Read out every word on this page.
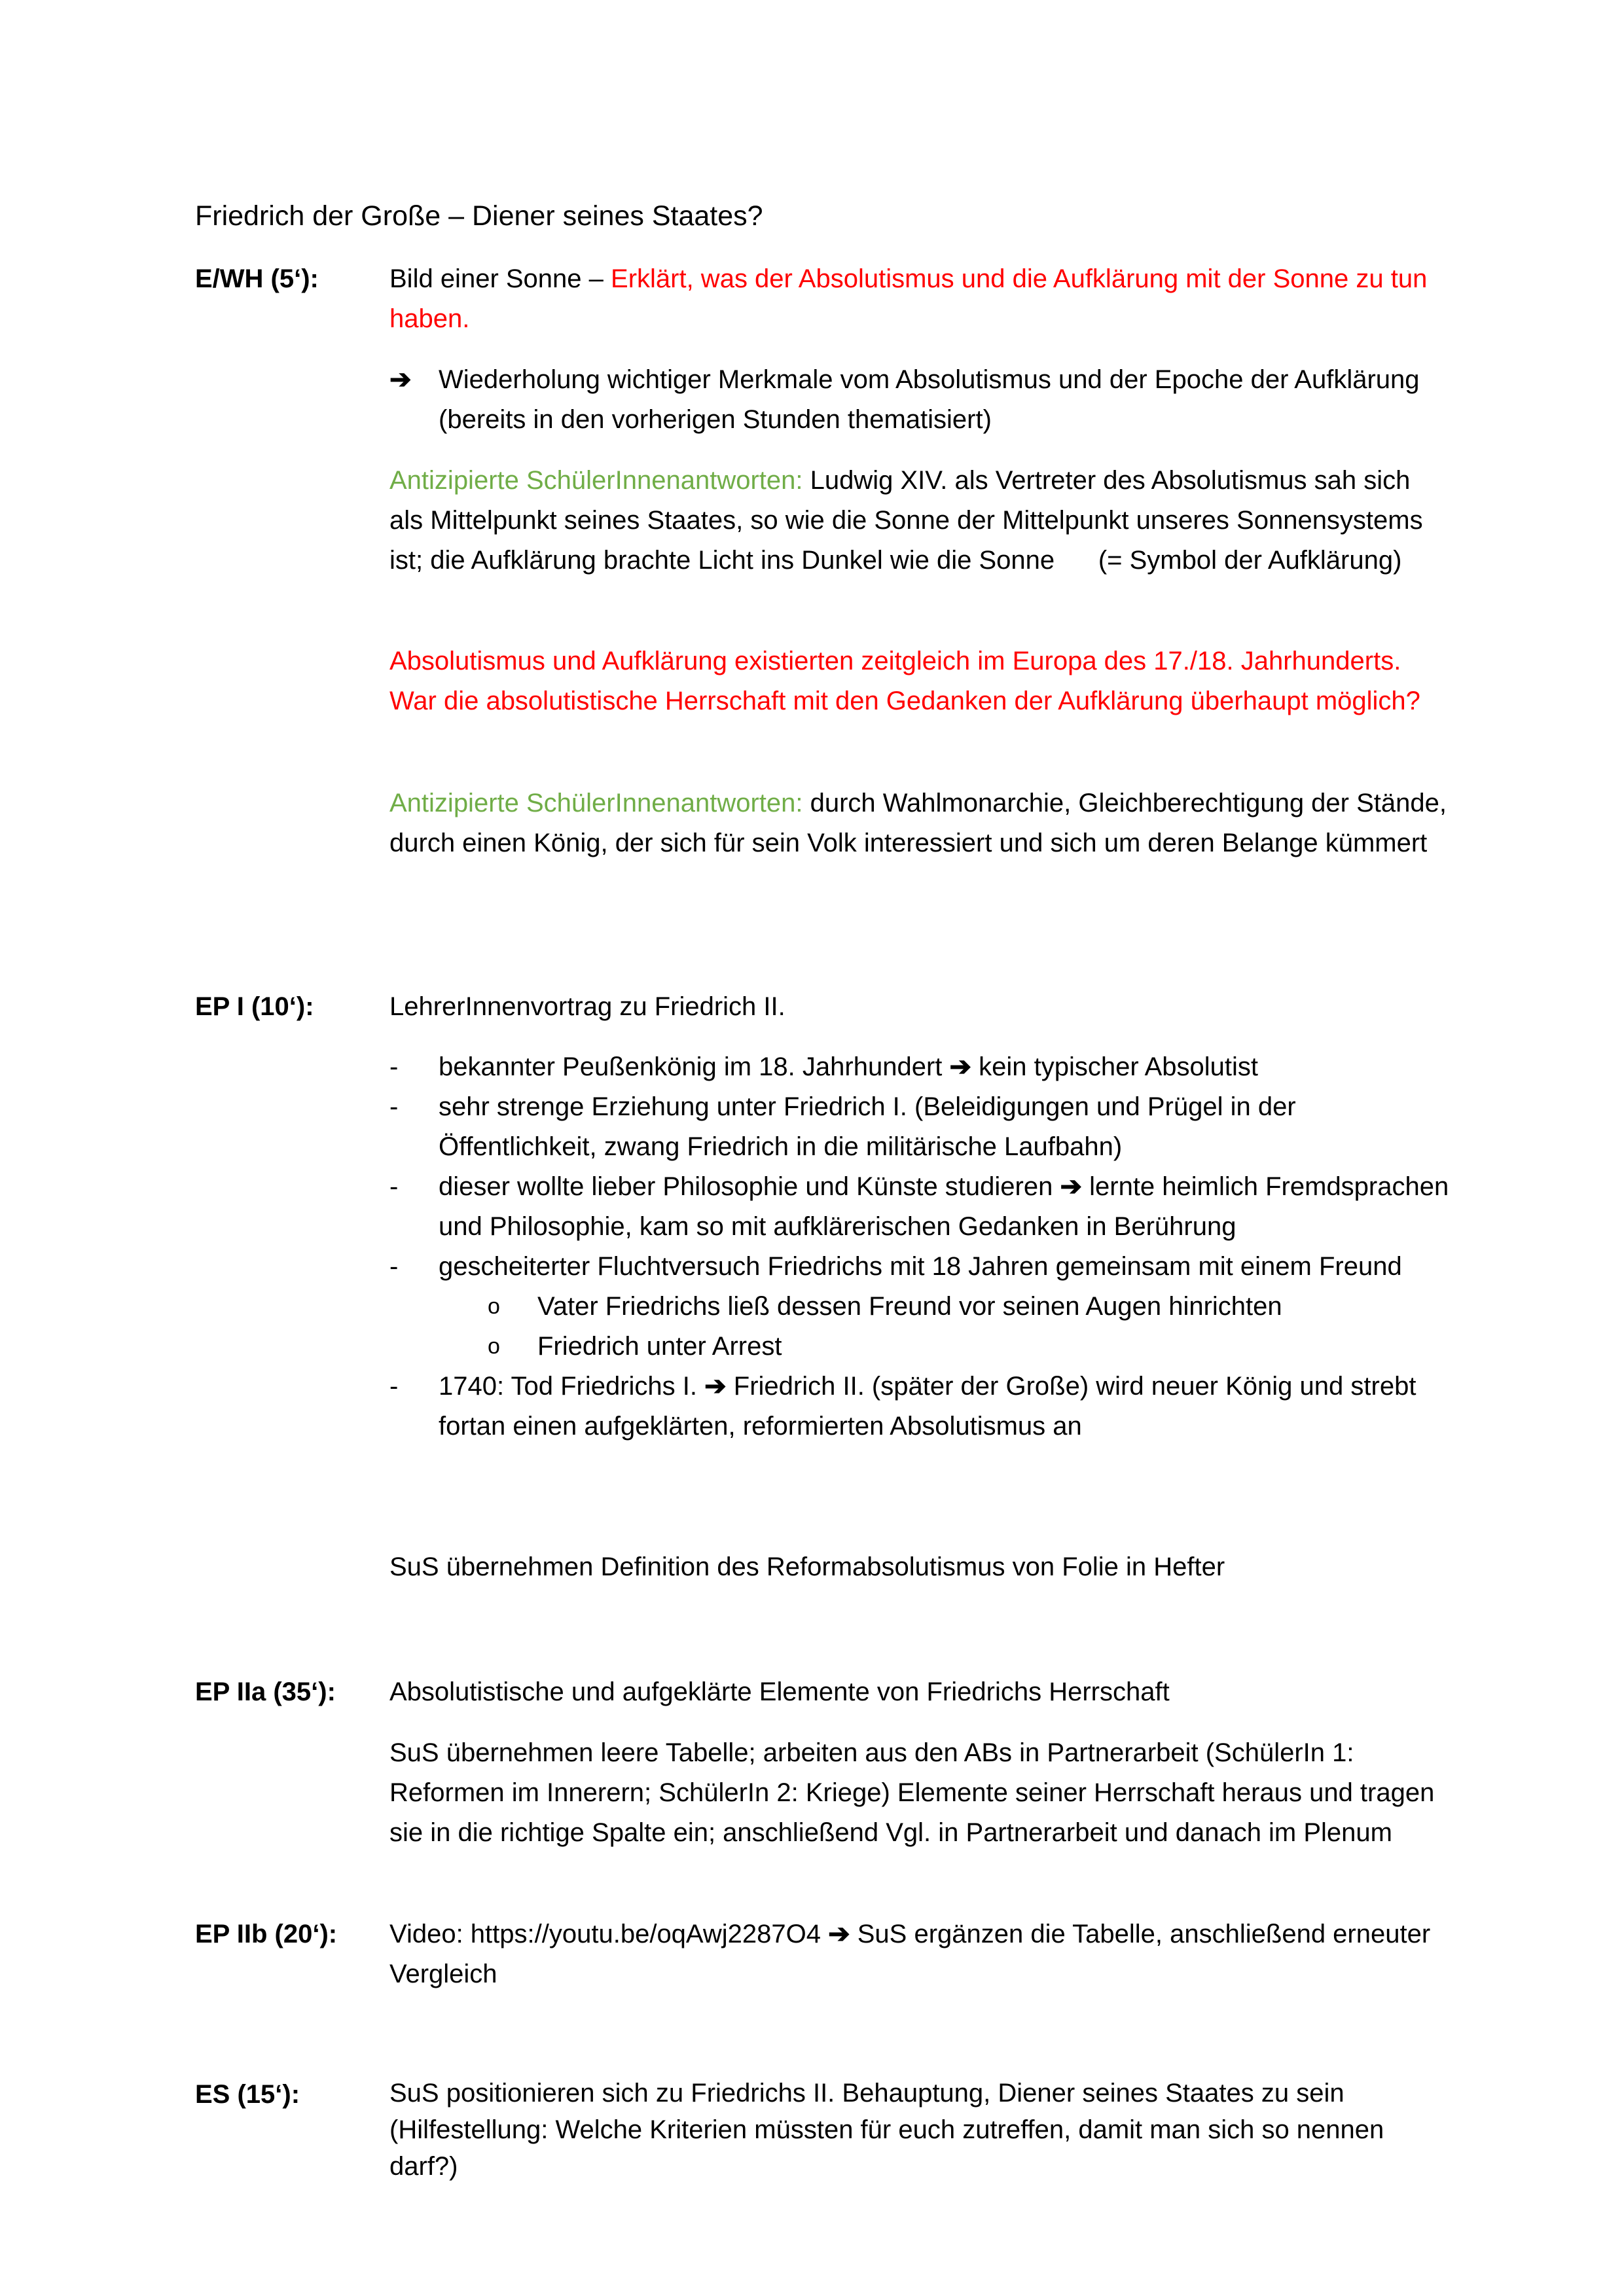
Friedrich der Große – Diener seines Staates?
E/WH (5‘):	Bild einer Sonne – Erklärt, was der Absolutismus und die Aufklärung mit der Sonne zu tun haben.
➔ Wiederholung wichtiger Merkmale vom Absolutismus und der Epoche der Aufklärung (bereits in den vorherigen Stunden thematisiert)
Antizipierte SchülerInnenantworten: Ludwig XIV. als Vertreter des Absolutismus sah sich als Mittelpunkt seines Staates, so wie die Sonne der Mittelpunkt unseres Sonnensystems ist; die Aufklärung brachte Licht ins Dunkel wie die Sonne      (= Symbol der Aufklärung)
Absolutismus und Aufklärung existierten zeitgleich im Europa des 17./18. Jahrhunderts. War die absolutistische Herrschaft mit den Gedanken der Aufklärung überhaupt möglich?
Antizipierte SchülerInnenantworten: durch Wahlmonarchie, Gleichberechtigung der Stände, durch einen König, der sich für sein Volk interessiert und sich um deren Belange kümmert
EP I (10‘):	LehrerInnenvortrag zu Friedrich II.
- bekannter Peußenkönig im 18. Jahrhundert ➔ kein typischer Absolutist
- sehr strenge Erziehung unter Friedrich I. (Beleidigungen und Prügel in der Öffentlichkeit, zwang Friedrich in die militärische Laufbahn)
- dieser wollte lieber Philosophie und Künste studieren ➔ lernte heimlich Fremdsprachen und Philosophie, kam so mit aufklärerischen Gedanken in Berührung
- gescheiterter Fluchtversuch Friedrichs mit 18 Jahren gemeinsam mit einem Freund
o Vater Friedrichs ließ dessen Freund vor seinen Augen hinrichten
o Friedrich unter Arrest
- 1740: Tod Friedrichs I. ➔ Friedrich II. (später der Große) wird neuer König und strebt fortan einen aufgeklärten, reformierten Absolutismus an
SuS übernehmen Definition des Reformabsolutismus von Folie in Hefter
EP IIa (35‘): Absolutistische und aufgeklärte Elemente von Friedrichs Herrschaft
SuS übernehmen leere Tabelle; arbeiten aus den ABs in Partnerarbeit (SchülerIn 1: Reformen im Innerern; SchülerIn 2: Kriege) Elemente seiner Herrschaft heraus und tragen sie in die richtige Spalte ein; anschließend Vgl. in Partnerarbeit und danach im Plenum
EP IIb (20‘): Video: https://youtu.be/oqAwj2287O4 ➔ SuS ergänzen die Tabelle, anschließend erneuter Vergleich
ES (15‘):	SuS positionieren sich zu Friedrichs II. Behauptung, Diener seines Staates zu sein (Hilfestellung: Welche Kriterien müssten für euch zutreffen, damit man sich so nennen darf?)
